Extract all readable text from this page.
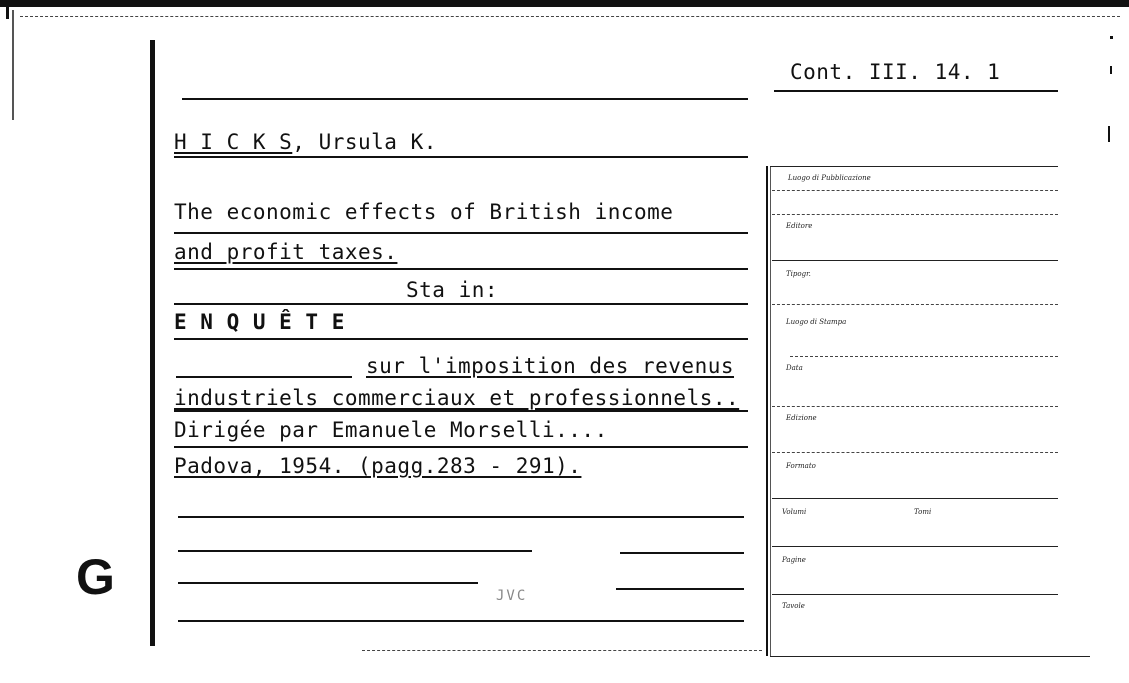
Cont. III. 14. 1
H I C K S, Ursula K.
The economic effects of British income
and profit taxes.
Sta in:
E N Q U Ê T E
sur l'imposition des revenus
industriels commerciaux et professionnels..
Dirigée par Emanuele Morselli....
Padova, 1954. (pagg.283 - 291).
JVC
G
Luogo di Pubblicazione
Editore
Tipogr.
Luogo di Stampa
Data
Edizione
Formato
Volumi	Tomi
Pagine
Tavole
